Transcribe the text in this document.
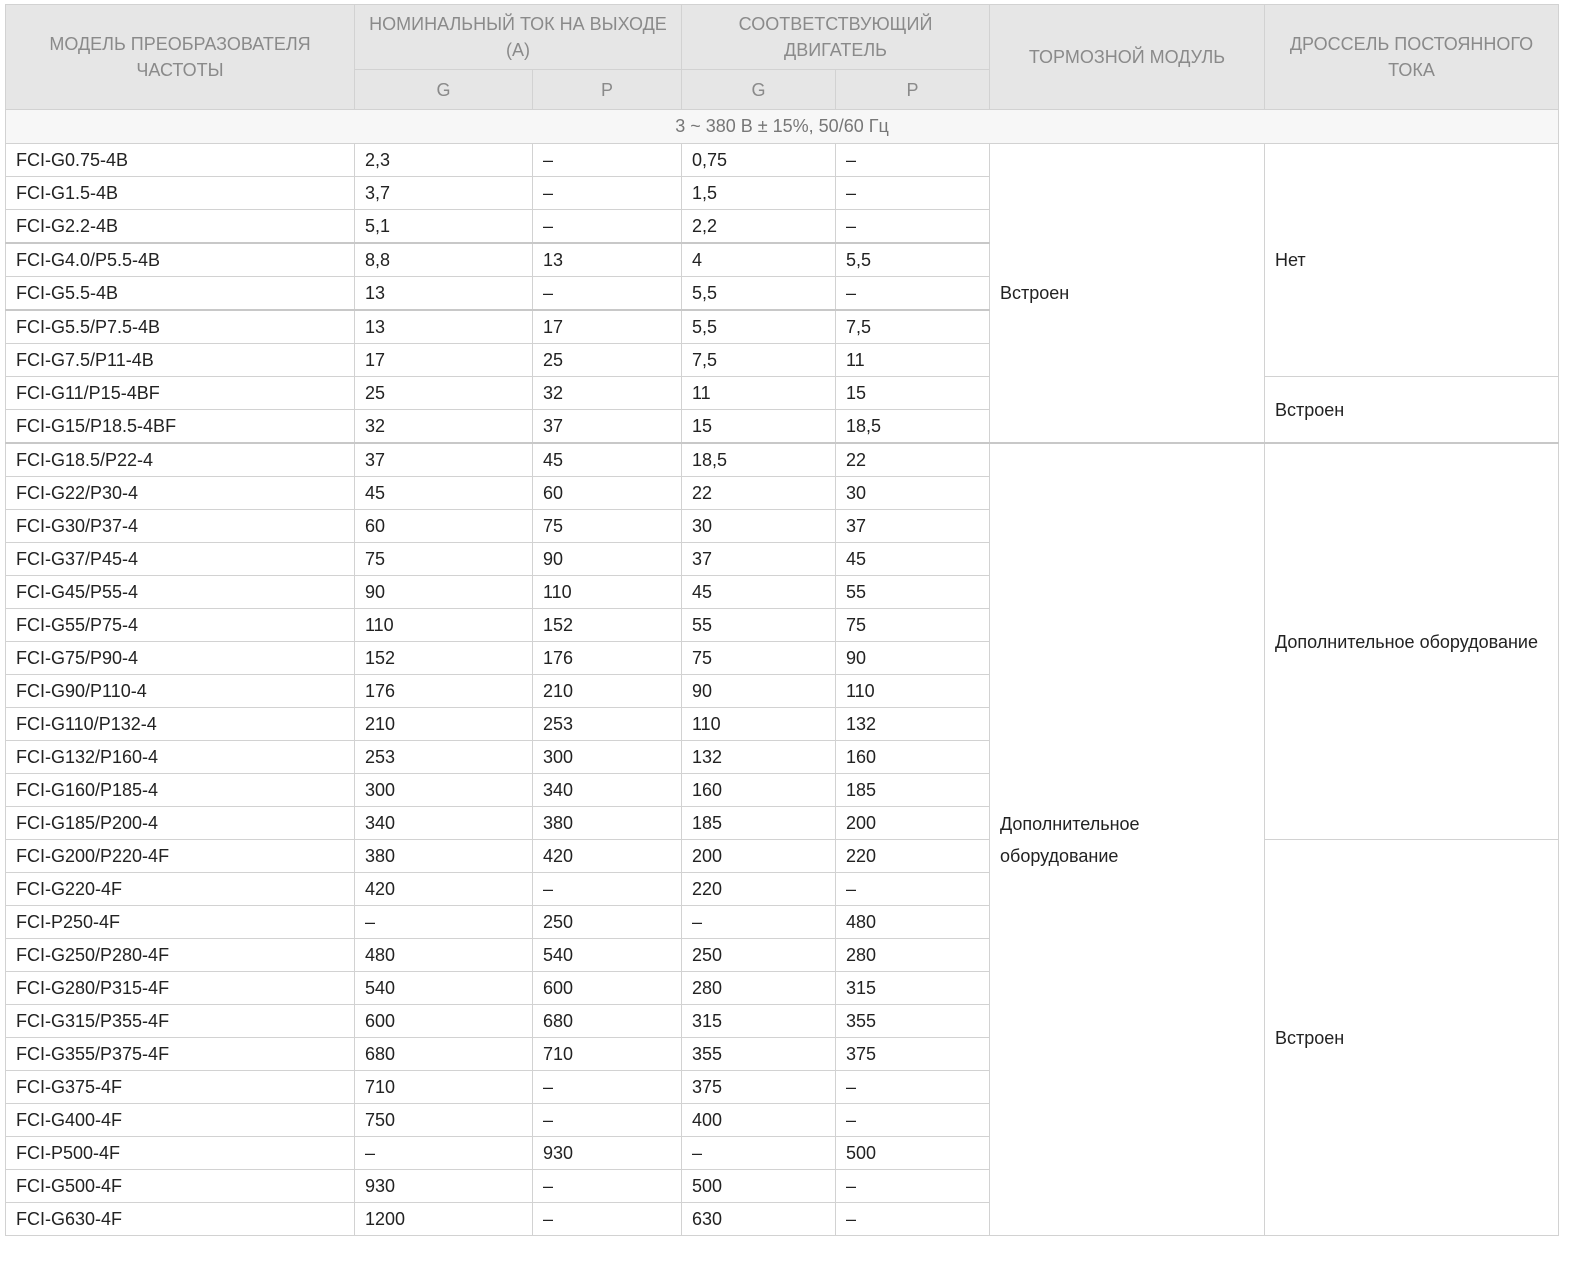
МОДЕЛЬ ПРЕОБРАЗОВАТЕЛЯ ЧАСТОТЫ	НОМИНАЛЬНЫЙ ТОК НА ВЫХОДЕ (А)		СООТВЕТСТВУЮЩИЙ ДВИГАТЕЛЬ		ТОРМОЗНОЙ МОДУЛЬ	ДРОССЕЛЬ ПОСТОЯННОГО ТОКА
	G	P	G	P		
3 ~ 380 В ± 15%, 50/60 Гц						
FCI-G0.75-4B	2,3	–	0,75	–	Встроен	Нет
FCI-G1.5-4B	3,7	–	1,5	–		
FCI-G2.2-4B	5,1	–	2,2	–		
FCI-G4.0/P5.5-4B	8,8	13	4	5,5		
FCI-G5.5-4B	13	–	5,5	–		
FCI-G5.5/P7.5-4B	13	17	5,5	7,5		
FCI-G7.5/P11-4B	17	25	7,5	11		
FCI-G11/P15-4BF	25	32	11	15		Встроен
FCI-G15/P18.5-4BF	32	37	15	18,5		
FCI-G18.5/P22-4	37	45	18,5	22	Дополнительное оборудование	Дополнительное оборудование
FCI-G22/P30-4	45	60	22	30		
FCI-G30/P37-4	60	75	30	37		
FCI-G37/P45-4	75	90	37	45		
FCI-G45/P55-4	90	110	45	55		
FCI-G55/P75-4	110	152	55	75		
FCI-G75/P90-4	152	176	75	90		
FCI-G90/P110-4	176	210	90	110		
FCI-G110/P132-4	210	253	110	132		
FCI-G132/P160-4	253	300	132	160		
FCI-G160/P185-4	300	340	160	185		
FCI-G185/P200-4	340	380	185	200		
FCI-G200/P220-4F	380	420	200	220		Встроен
FCI-G220-4F	420	–	220	–		
FCI-P250-4F	–	250	–	480		
FCI-G250/P280-4F	480	540	250	280		
FCI-G280/P315-4F	540	600	280	315		
FCI-G315/P355-4F	600	680	315	355		
FCI-G355/P375-4F	680	710	355	375		
FCI-G375-4F	710	–	375	–		
FCI-G400-4F	750	–	400	–		
FCI-P500-4F	–	930	–	500		
FCI-G500-4F	930	–	500	–		
FCI-G630-4F	1200	–	630	–		
